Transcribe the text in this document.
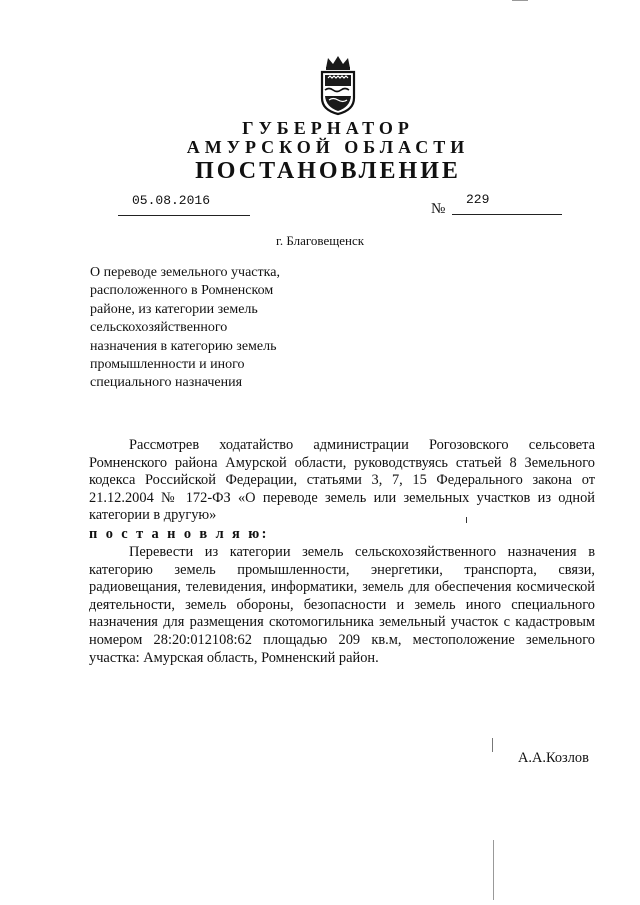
ГУБЕРНАТОР
АМУРСКОЙ ОБЛАСТИ
ПОСТАНОВЛЕНИЕ
05.08.2016
№
229
г. Благовещенск
О переводе земельного участка,
расположенного в Ромненском
районе, из категории земель
сельскохозяйственного
назначения в категорию земель
промышленности и иного
специального назначения
Рассмотрев ходатайство администрации Рогозовского сельсовета Ромненского района Амурской области, руководствуясь статьей 8 Земельного кодекса Российской Федерации, статьями 3, 7, 15 Федерального закона от 21.12.2004 № 172-ФЗ «О переводе земель или земельных участков из одной категории в другую»
п о с т а н о в л я ю:
Перевести из категории земель сельскохозяйственного назначения в категорию земель промышленности, энергетики, транспорта, связи, радиовещания, телевидения, информатики, земель для обеспечения космической деятельности, земель обороны, безопасности и земель иного специального назначения для размещения скотомогильника земельный участок с кадастровым номером 28:20:012108:62 площадью 209 кв.м, местоположение земельного участка: Амурская область, Ромненский район.
А.А.Козлов
